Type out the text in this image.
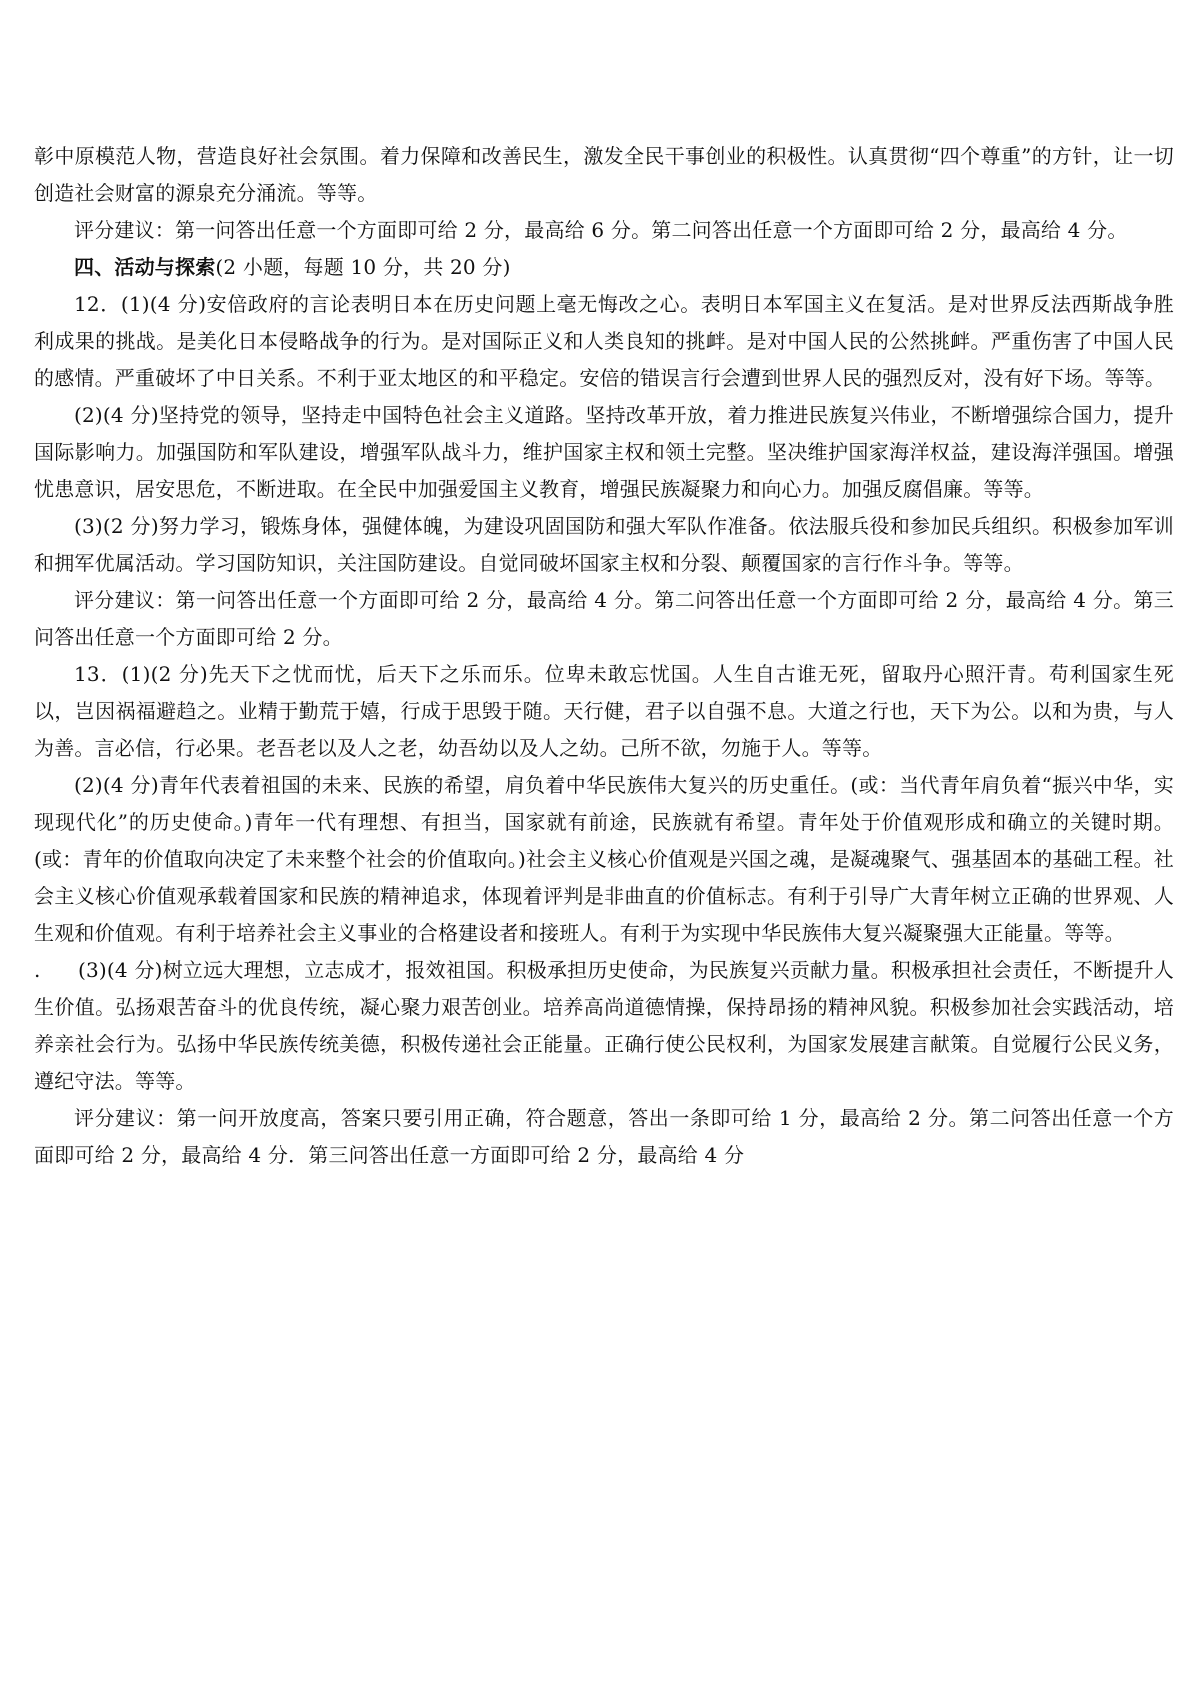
彰中原模范人物，营造良好社会氛围。着力保障和改善民生，激发全民干事创业的积极性。认真贯彻“四个尊重”的方针，让一切创造社会财富的源泉充分涌流。等等。

评分建议：第一问答出任意一个方面即可给 2 分，最高给 6 分。第二问答出任意一个方面即可给 2 分，最高给 4 分。

四、活动与探索(2 小题，每题 10 分，共 20 分)

12．(1)(4 分)安倍政府的言论表明日本在历史问题上毫无悔改之心。表明日本军国主义在复活。是对世界反法西斯战争胜利成果的挑战。是美化日本侵略战争的行为。是对国际正义和人类良知的挑衅。是对中国人民的公然挑衅。严重伤害了中国人民的感情。严重破坏了中日关系。不利于亚太地区的和平稳定。安倍的错误言行会遭到世界人民的强烈反对，没有好下场。等等。

(2)(4 分)坚持党的领导，坚持走中国特色社会主义道路。坚持改革开放，着力推进民族复兴伟业，不断增强综合国力，提升国际影响力。加强国防和军队建设，增强军队战斗力，维护国家主权和领土完整。坚决维护国家海洋权益，建设海洋强国。增强忧患意识，居安思危，不断进取。在全民中加强爱国主义教育，增强民族凝聚力和向心力。加强反腐倡廉。等等。

(3)(2 分)努力学习，锻炼身体，强健体魄，为建设巩固国防和强大军队作准备。依法服兵役和参加民兵组织。积极参加军训和拥军优属活动。学习国防知识，关注国防建设。自觉同破坏国家主权和分裂、颠覆国家的言行作斗争。等等。

评分建议：第一问答出任意一个方面即可给 2 分，最高给 4 分。第二问答出任意一个方面即可给 2 分，最高给 4 分。第三问答出任意一个方面即可给 2 分。

13．(1)(2 分)先天下之忧而忧，后天下之乐而乐。位卑未敢忘忧国。人生自古谁无死，留取丹心照汗青。苟利国家生死以，岂因祸福避趋之。业精于勤荒于嬉，行成于思毁于随。天行健，君子以自强不息。大道之行也，天下为公。以和为贵，与人为善。言必信，行必果。老吾老以及人之老，幼吾幼以及人之幼。己所不欲，勿施于人。等等。

(2)(4 分)青年代表着祖国的未来、民族的希望，肩负着中华民族伟大复兴的历史重任。(或：当代青年肩负着“振兴中华，实现现代化”的历史使命。)青年一代有理想、有担当，国家就有前途，民族就有希望。青年处于价值观形成和确立的关键时期。(或：青年的价值取向决定了未来整个社会的价值取向。)社会主义核心价值观是兴国之魂，是凝魂聚气、强基固本的基础工程。社会主义核心价值观承载着国家和民族的精神追求，体现着评判是非曲直的价值标志。有利于引导广大青年树立正确的世界观、人生观和价值观。有利于培养社会主义事业的合格建设者和接班人。有利于为实现中华民族伟大复兴凝聚强大正能量。等等。

. (3)(4 分)树立远大理想，立志成才，报效祖国。积极承担历史使命，为民族复兴贡献力量。积极承担社会责任，不断提升人生价值。弘扬艰苦奋斗的优良传统，凝心聚力艰苦创业。培养高尚道德情操，保持昂扬的精神风貌。积极参加社会实践活动，培养亲社会行为。弘扬中华民族传统美德，积极传递社会正能量。正确行使公民权利，为国家发展建言献策。自觉履行公民义务，遵纪守法。等等。

评分建议：第一问开放度高，答案只要引用正确，符合题意，答出一条即可给 1 分，最高给 2 分。第二问答出任意一个方面即可给 2 分，最高给 4 分．第三问答出任意一方面即可给 2 分，最高给 4 分
